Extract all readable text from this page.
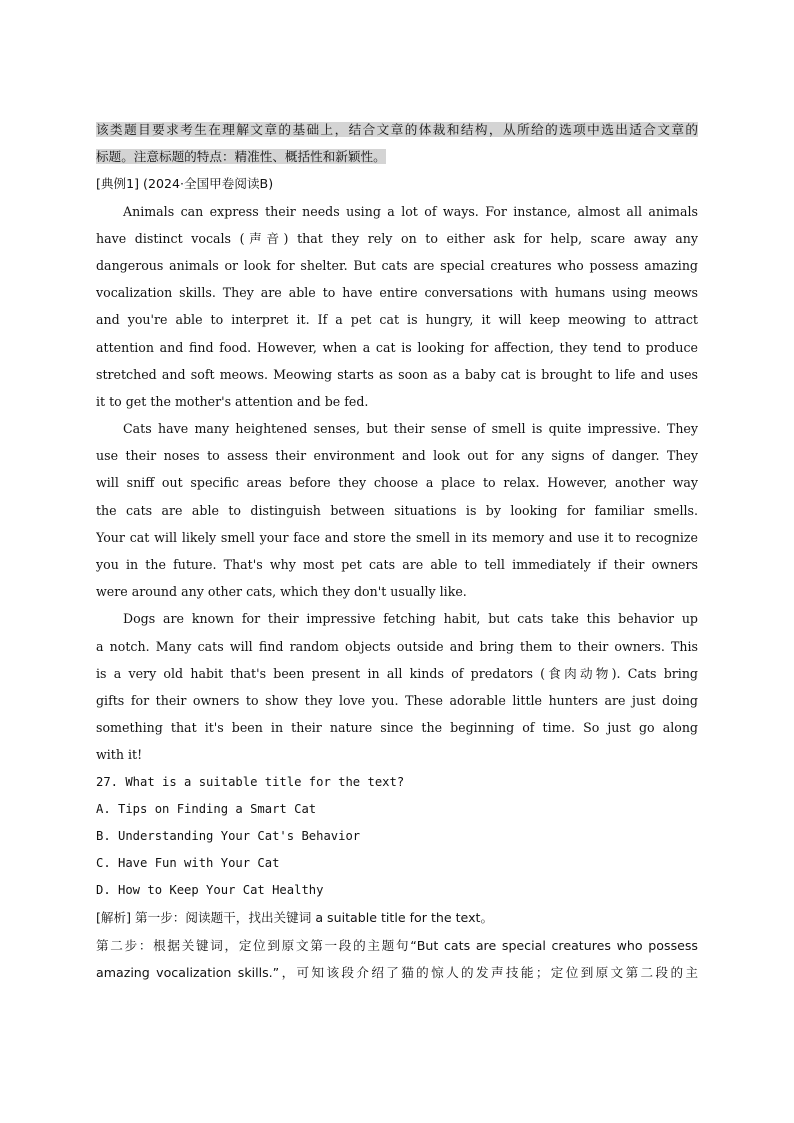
该类题目要求考生在理解文章的基础上，结合文章的体裁和结构，从所给的选项中选出适合文章的
标题。注意标题的特点：精准性、概括性和新颖性。
[典例1] (2024·全国甲卷阅读B)
Animals can express their needs using a lot of ways. For instance, almost all animals
have distinct vocals (声音) that they rely on to either ask for help, scare away any
dangerous animals or look for shelter. But cats are special creatures who possess amazing
vocalization skills. They are able to have entire conversations with humans using meows
and you're able to interpret it. If a pet cat is hungry, it will keep meowing to attract
attention and find food. However, when a cat is looking for affection, they tend to produce
stretched and soft meows. Meowing starts as soon as a baby cat is brought to life and uses
it to get the mother's attention and be fed.
Cats have many heightened senses, but their sense of smell is quite impressive. They
use their noses to assess their environment and look out for any signs of danger. They
will sniff out specific areas before they choose a place to relax. However, another way
the cats are able to distinguish between situations is by looking for familiar smells.
Your cat will likely smell your face and store the smell in its memory and use it to recognize
you in the future. That's why most pet cats are able to tell immediately if their owners
were around any other cats, which they don't usually like.
Dogs are known for their impressive fetching habit, but cats take this behavior up
a notch. Many cats will find random objects outside and bring them to their owners. This
is a very old habit that's been present in all kinds of predators (食肉动物). Cats bring
gifts for their owners to show they love you. These adorable little hunters are just doing
something that it's been in their nature since the beginning of time. So just go along
with it!
27. What is a suitable title for the text?
A. Tips on Finding a Smart Cat
B. Understanding Your Cat's Behavior
C. Have Fun with Your Cat
D. How to Keep Your Cat Healthy
[解析] 第一步：阅读题干，找出关键词 a suitable title for the text。
第二步：根据关键词，定位到原文第一段的主题句“But cats are special creatures who possess
amazing vocalization skills.”，可知该段介绍了猫的惊人的发声技能；定位到原文第二段的主
